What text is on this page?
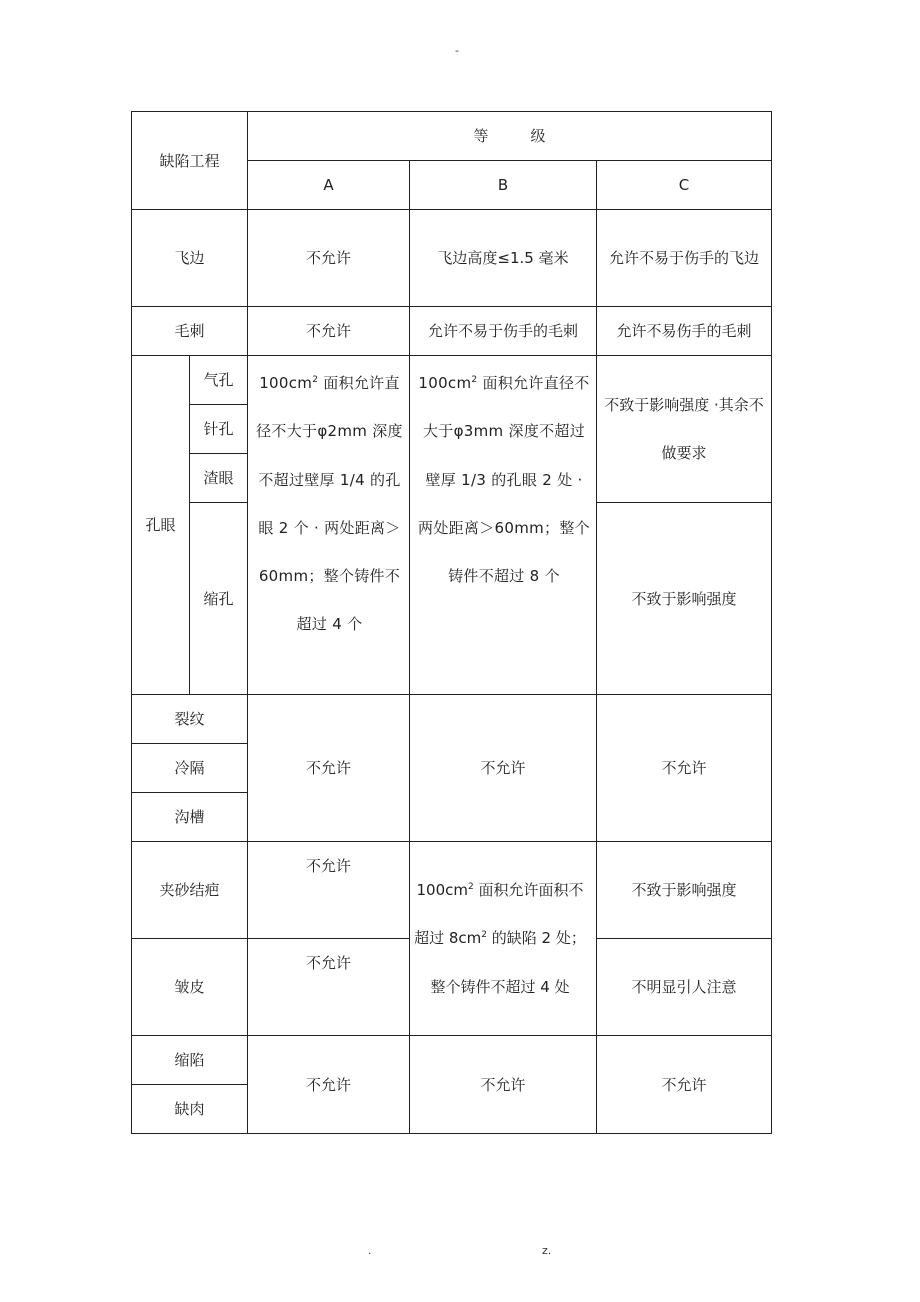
-
缺陷工程		等 级		
		A	B	C
飞边		不允许	飞边高度≤1.5 毫米	允许不易于伤手的飞边
毛刺		不允许	允许不易于伤手的毛刺	允许不易伤手的毛刺
孔眼	气孔	$100cm^2$ 面积允许直径不大于φ2mm 深度不超过壁厚 1/4 的孔眼 2 个 · 两处距离＞60mm；整个铸件不超过 4 个	$100cm^2$ 面积允许直径不大于φ3mm 深度不超过壁厚 1/3 的孔眼 2 处 ·两处距离＞60mm；整个铸件不超过 8 个	不致于影响强度 ·其余不做要求
	针孔			
	渣眼			
	缩孔			不致于影响强度
裂纹		不允许	不允许	不允许
冷隔				
沟槽				
夹砂结疤		不允许	$100cm^2$ 面积允许面积不超过 $8cm^2$ 的缺陷 2 处；整个铸件不超过 4 处	不致于影响强度
皱皮		不允许		不明显引人注意
缩陷		不允许	不允许	不允许
缺肉				
.	z.
